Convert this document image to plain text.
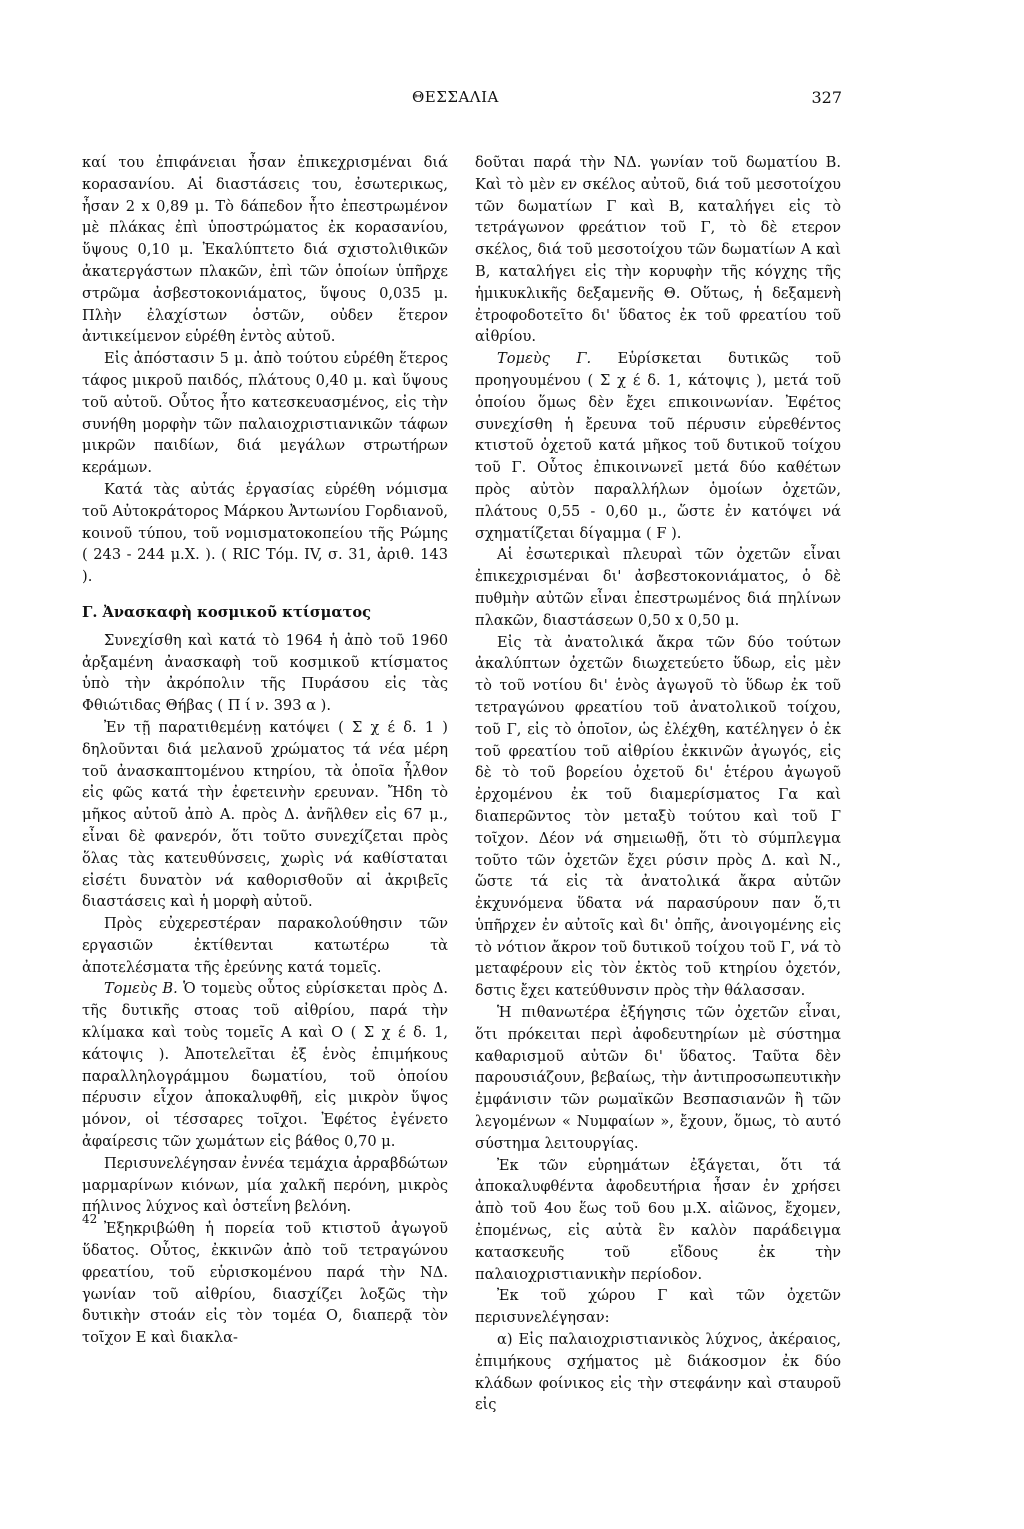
ΘΕΣΣΑΛΙΑ	327

καί του ἐπιφάνειαι ἦσαν ἐπικεχρισμέναι διά κορασανίου. Αἱ διαστάσεις του, ἐσωτερικως, ἦσαν 2 x 0,89 μ. Τὸ δάπεδον ἦτο ἐπεστρωμένον μὲ πλάκας ἐπὶ ὑποστρώματος ἐκ κορασανίου, ὕψους 0,10 μ. Ἐκαλύπτετο διά σχιστολιθικῶν ἀκατεργάστων πλακῶν, ἐπὶ τῶν ὁποίων ὑπῆρχε στρῶμα ἀσβεστοκονιάματος, ὕψους 0,035 μ. Πλὴν ἐλαχίστων ὀστῶν, οὐδεν ἕτερον ἀντικείμενον εὑρέθη ἐντὸς αὐτοῦ.

Εἰς ἀπόστασιν 5 μ. ἀπὸ τούτου εὑρέθη ἕτερος τάφος μικροῦ παιδός, πλάτους 0,40 μ. καὶ ὕψους τοῦ αὐτοῦ. Οὗτος ἦτο κατεσκευασμένος, εἰς τὴν συνήθη μορφὴν τῶν παλαιοχριστιανικῶν τάφων μικρῶν παιδίων, διά μεγάλων στρωτήρων κεράμων.

Κατά τὰς αὐτάς ἐργασίας εὑρέθη νόμισμα τοῦ Αὐτοκράτορος Μάρκου Ἀντωνίου Γορδιανοῦ, κοινοῦ τύπου, τοῦ νομισματοκοπείου τῆς Ρώμης ( 243 - 244 μ.Χ. ). ( RIC Τόμ. IV, σ. 31, ἀριθ. 143 ).

Γ. Ἀνασκαφὴ κοσμικοῦ κτίσματος

Συνεχίσθη καὶ κατά τὸ 1964 ἡ ἀπὸ τοῦ 1960 ἀρξαμένη ἀνασκαφὴ τοῦ κοσμικοῦ κτίσματος ὑπὸ τὴν ἀκρόπολιν τῆς Πυράσου εἰς τὰς Φθιώτιδας Θήβας ( Π ί ν. 393 α ).

Ἐν τῇ παρατιθεμένῃ κατόψει ( Σ χ έ δ. 1 ) δηλοῦνται διά μελανοῦ χρώματος τά νέα μέρη τοῦ ἀνασκαπτομένου κτηρίου, τὰ ὁποῖα ἦλθον εἰς φῶς κατά τὴν ἐφετεινὴν ερευναν. Ἤδη τὸ μῆκος αὐτοῦ ἀπὸ Α. πρὸς Δ. ἀνῆλθεν εἰς 67 μ., εἶναι δὲ φανερόν, ὅτι τοῦτο συνεχίζεται πρὸς ὅλας τὰς κατευθύνσεις, χωρὶς νά καθίσταται εἰσέτι δυνατὸν νά καθορισθοῦν αἱ ἀκριβεῖς διαστάσεις καὶ ἡ μορφὴ αὐτοῦ.

Πρὸς εὐχερεστέραν παρακολούθησιν τῶν εργασιῶν ἐκτίθενται κατωτέρω τὰ ἀποτελέσματα τῆς ἐρεύνης κατά τομεῖς.

Τομεὺς Β. Ὁ τομεὺς οὗτος εὑρίσκεται πρὸς Δ. τῆς δυτικῆς στοας τοῦ αἰθρίου, παρά τὴν κλίμακα καὶ τοὺς τομεῖς Α καὶ Ο ( Σ χ έ δ. 1, κάτοψις ). Ἀποτελεῖται ἐξ ἑνὸς ἐπιμήκους παραλληλογράμμου δωματίου, τοῦ ὁποίου πέρυσιν εἶχον ἀποκαλυφθῆ, εἰς μικρὸν ὕψος μόνον, οἱ τέσσαρες τοῖχοι. Ἐφέτος ἐγένετο ἀφαίρεσις τῶν χωμάτων εἰς βάθος 0,70 μ.

Περισυνελέγησαν ἐννέα τεμάχια ἀρραβδώτων μαρμαρίνων κιόνων, μία χαλκῆ περόνη, μικρὸς πήλινος λύχνος καὶ ὀστεΐνη βελόνη.

Ἐξηκριβώθη ἡ πορεία τοῦ κτιστοῦ ἀγωγοῦ ὕδατος. Οὗτος, ἐκκινῶν ἀπὸ τοῦ τετραγώνου φρεατίου, τοῦ εὑρισκομένου παρά τὴν ΝΔ. γωνίαν τοῦ αἰθρίου, διασχίζει λοξῶς τὴν δυτικὴν στοάν εἰς τὸν τομέα Ο, διαπερᾷ τὸν τοῖχον Ε καὶ διακλα-

δοῦται παρά τὴν ΝΔ. γωνίαν τοῦ δωματίου Β. Καὶ τὸ μὲν εν σκέλος αὐτοῦ, διά τοῦ μεσοτοίχου τῶν δωματίων Γ καὶ Β, καταλήγει εἰς τὸ τετράγωνον φρεάτιον τοῦ Γ, τὸ δὲ ετερον σκέλος, διά τοῦ μεσοτοίχου τῶν δωματίων Α καὶ Β, καταλήγει εἰς τὴν κορυφὴν τῆς κόγχης τῆς ἡμικυκλικῆς δεξαμενῆς Θ. Οὕτως, ἡ δεξαμενὴ ἐτροφοδοτεῖτο δι' ὕδατος ἐκ τοῦ φρεατίου τοῦ αἰθρίου.

Τομεὺς Γ. Εὑρίσκεται δυτικῶς τοῦ προηγουμένου ( Σ χ έ δ. 1, κάτοψις ), μετά τοῦ ὁποίου ὅμως δὲν ἔχει επικοινωνίαν. Ἐφέτος συνεχίσθη ἡ ἔρευνα τοῦ πέρυσιν εὑρεθέντος κτιστοῦ ὀχετοῦ κατά μῆκος τοῦ δυτικοῦ τοίχου τοῦ Γ. Οὗτος ἐπικοινωνεῖ μετά δύο καθέτων πρὸς αὐτὸν παραλλήλων ὁμοίων ὀχετῶν, πλάτους 0,55 - 0,60 μ., ὥστε ἐν κατόψει νά σχηματίζεται δίγαμμα ( F ).

Αἱ ἐσωτερικαὶ πλευραὶ τῶν ὀχετῶν εἶναι ἐπικεχρισμέναι δι' ἀσβεστοκονιάματος, ὁ δὲ πυθμὴν αὐτῶν εἶναι ἐπεστρωμένος διά πηλίνων πλακῶν, διαστάσεων 0,50 x 0,50 μ.

Εἰς τὰ ἀνατολικά ἄκρα τῶν δύο τούτων ἀκαλύπτων ὀχετῶν διωχετεύετο ὕδωρ, εἰς μὲν τὸ τοῦ νοτίου δι' ἑνὸς ἀγωγοῦ τὸ ὕδωρ ἐκ τοῦ τετραγώνου φρεατίου τοῦ ἀνατολικοῦ τοίχου, τοῦ Γ, εἰς τὸ ὁποῖον, ὡς ἐλέχθη, κατέληγεν ὁ ἐκ τοῦ φρεατίου τοῦ αἰθρίου ἐκκινῶν ἀγωγός, εἰς δὲ τὸ τοῦ βορείου ὀχετοῦ δι' ἑτέρου ἀγωγοῦ ἐρχομένου ἐκ τοῦ διαμερίσματος Γα καὶ διαπερῶντος τὸν μεταξὺ τούτου καὶ τοῦ Γ τοῖχον. Δέον νά σημειωθῇ, ὅτι τὸ σύμπλεγμα τοῦτο τῶν ὀχετῶν ἔχει ρύσιν πρὸς Δ. καὶ Ν., ὥστε τά εἰς τὰ ἀνατολικά ἄκρα αὐτῶν ἐκχυνόμενα ὕδατα νά παρασύρουν παν ὅ,τι ὑπῆρχεν ἐν αὐτοῖς καὶ δι' ὀπῆς, ἀνοιγομένης εἰς τὸ νότιον ἄκρον τοῦ δυτικοῦ τοίχου τοῦ Γ, νά τὸ μεταφέρουν εἰς τὸν ἐκτὸς τοῦ κτηρίου ὀχετόν, δστις ἔχει κατεύθυνσιν πρὸς τὴν θάλασσαν.

Ἡ πιθανωτέρα ἐξήγησις τῶν ὀχετῶν εἶναι, ὅτι πρόκειται περὶ ἀφοδευτηρίων μὲ σύστημα καθαρισμοῦ αὐτῶν δι' ὕδατος. Ταῦτα δὲν παρουσιάζουν, βεβαίως, τὴν ἀντιπροσωπευτικὴν ἐμφάνισιν τῶν ρωμαϊκῶν Βεσπασιανῶν ἢ τῶν λεγομένων « Νυμφαίων », ἔχουν, ὅμως, τὸ αυτό σύστημα λειτουργίας.

Ἐκ τῶν εὑρημάτων ἐξάγεται, ὅτι τά ἀποκαλυφθέντα ἀφοδευτήρια ἦσαν ἐν χρήσει ἀπὸ τοῦ 4ου ἕως τοῦ 6ου μ.Χ. αἰῶνος, ἔχομεν, ἐπομένως, εἰς αὐτὰ ἓν καλὸν παράδειγμα κατασκευῆς τοῦ εἴδους ἐκ τὴν παλαιοχριστιανικὴν περίοδον.

Ἐκ τοῦ χώρου Γ καὶ τῶν ὀχετῶν περισυνελέγησαν:

α) Εἰς παλαιοχριστιανικὸς λύχνος, ἀκέραιος, ἐπιμήκους σχήματος μὲ διάκοσμον ἐκ δύο κλάδων φοίνικος εἰς τὴν στεφάνην καὶ σταυροῦ εἰς

42
